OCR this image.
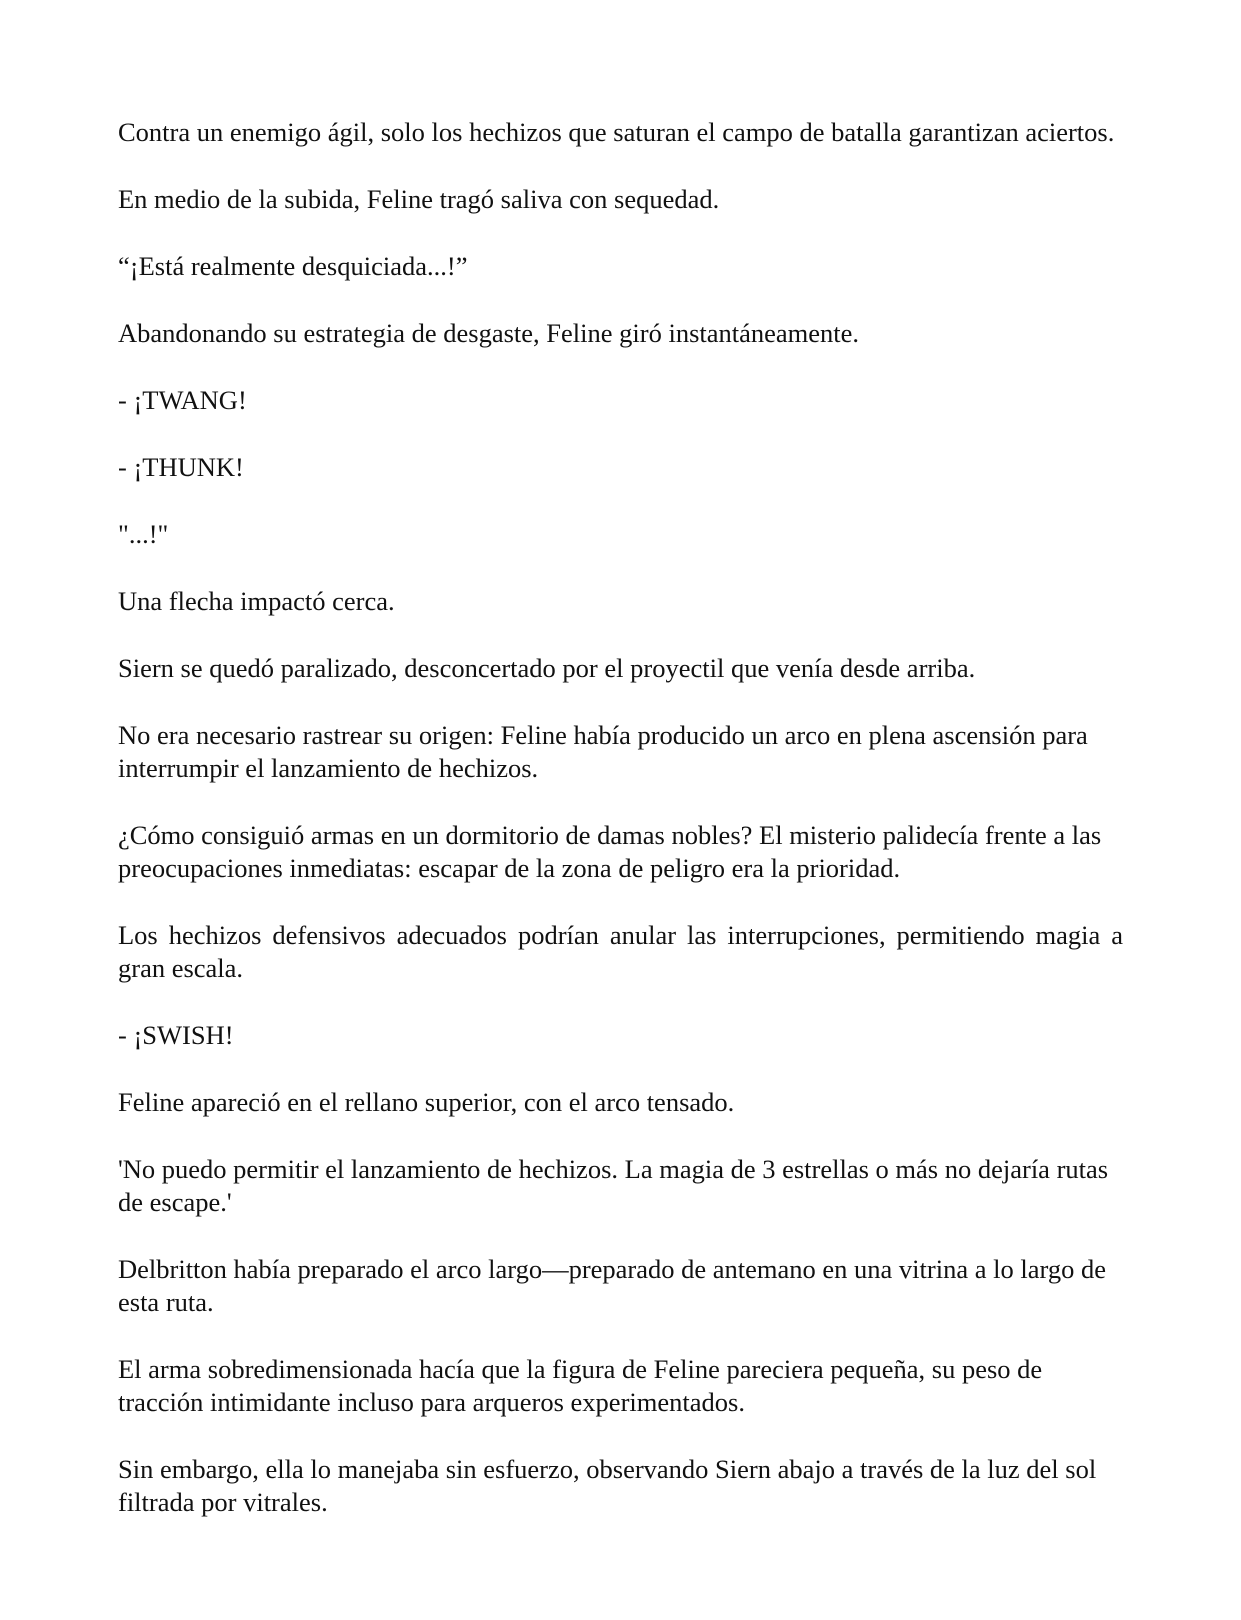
Contra un enemigo ágil, solo los hechizos que saturan el campo de batalla garantizan aciertos.

En medio de la subida, Feline tragó saliva con sequedad.

“¡Está realmente desquiciada...!”

Abandonando su estrategia de desgaste, Feline giró instantáneamente.

- ¡TWANG!

- ¡THUNK!

"...!"

Una flecha impactó cerca.

Siern se quedó paralizado, desconcertado por el proyectil que venía desde arriba.

No era necesario rastrear su origen: Feline había producido un arco en plena ascensión para interrumpir el lanzamiento de hechizos.

¿Cómo consiguió armas en un dormitorio de damas nobles? El misterio palidecía frente a las preocupaciones inmediatas: escapar de la zona de peligro era la prioridad.

Los hechizos defensivos adecuados podrían anular las interrupciones, permitiendo magia a gran escala.

- ¡SWISH!

Feline apareció en el rellano superior, con el arco tensado.

'No puedo permitir el lanzamiento de hechizos. La magia de 3 estrellas o más no dejaría rutas de escape.'

Delbritton había preparado el arco largo—preparado de antemano en una vitrina a lo largo de esta ruta.

El arma sobredimensionada hacía que la figura de Feline pareciera pequeña, su peso de tracción intimidante incluso para arqueros experimentados.

Sin embargo, ella lo manejaba sin esfuerzo, observando Siern abajo a través de la luz del sol filtrada por vitrales.
